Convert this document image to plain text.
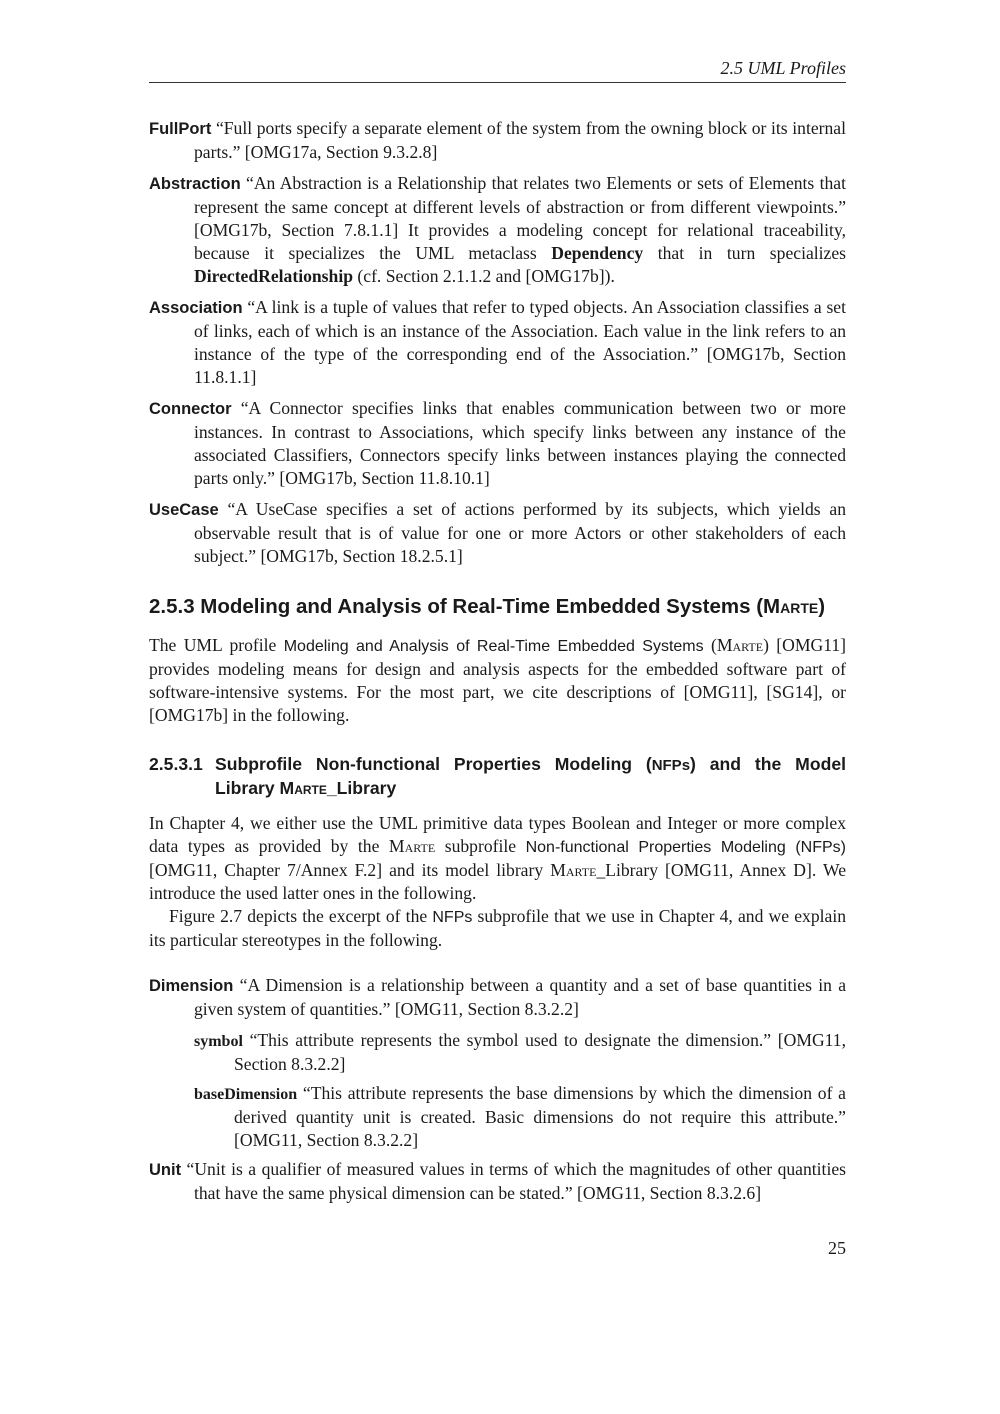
2.5 UML Profiles

FullPort “Full ports specify a separate element of the system from the owning block or its internal parts.” [OMG17a, Section 9.3.2.8]

Abstraction “An Abstraction is a Relationship that relates two Elements or sets of Elements that represent the same concept at different levels of abstraction or from different viewpoints.” [OMG17b, Section 7.8.1.1] It provides a modeling concept for relational traceability, because it specializes the UML metaclass Dependency that in turn specializes DirectedRelationship (cf. Section 2.1.1.2 and [OMG17b]).

Association “A link is a tuple of values that refer to typed objects. An Association classifies a set of links, each of which is an instance of the Association. Each value in the link refers to an instance of the type of the corresponding end of the Association.” [OMG17b, Section 11.8.1.1]

Connector “A Connector specifies links that enables communication between two or more instances. In contrast to Associations, which specify links between any instance of the associated Classifiers, Connectors specify links between instances playing the connected parts only.” [OMG17b, Section 11.8.10.1]

UseCase “A UseCase specifies a set of actions performed by its subjects, which yields an observable result that is of value for one or more Actors or other stakeholders of each subject.” [OMG17b, Section 18.2.5.1]

2.5.3 Modeling and Analysis of Real-Time Embedded Systems (Marte)

The UML profile Modeling and Analysis of Real-Time Embedded Systems (Marte) [OMG11] provides modeling means for design and analysis aspects for the embedded software part of software-intensive systems. For the most part, we cite descriptions of [OMG11], [SG14], or [OMG17b] in the following.

2.5.3.1 Subprofile Non-functional Properties Modeling (NFPs) and the Model Library Marte_Library

In Chapter 4, we either use the UML primitive data types Boolean and Integer or more complex data types as provided by the Marte subprofile Non-functional Properties Modeling (NFPs) [OMG11, Chapter 7/Annex F.2] and its model library Marte_Library [OMG11, Annex D]. We introduce the used latter ones in the following.

Figure 2.7 depicts the excerpt of the NFPs subprofile that we use in Chapter 4, and we explain its particular stereotypes in the following.

Dimension “A Dimension is a relationship between a quantity and a set of base quantities in a given system of quantities.” [OMG11, Section 8.3.2.2]

symbol “This attribute represents the symbol used to designate the dimension.” [OMG11, Section 8.3.2.2]

baseDimension “This attribute represents the base dimensions by which the dimension of a derived quantity unit is created. Basic dimensions do not require this attribute.” [OMG11, Section 8.3.2.2]

Unit “Unit is a qualifier of measured values in terms of which the magnitudes of other quantities that have the same physical dimension can be stated.” [OMG11, Section 8.3.2.6]

25
